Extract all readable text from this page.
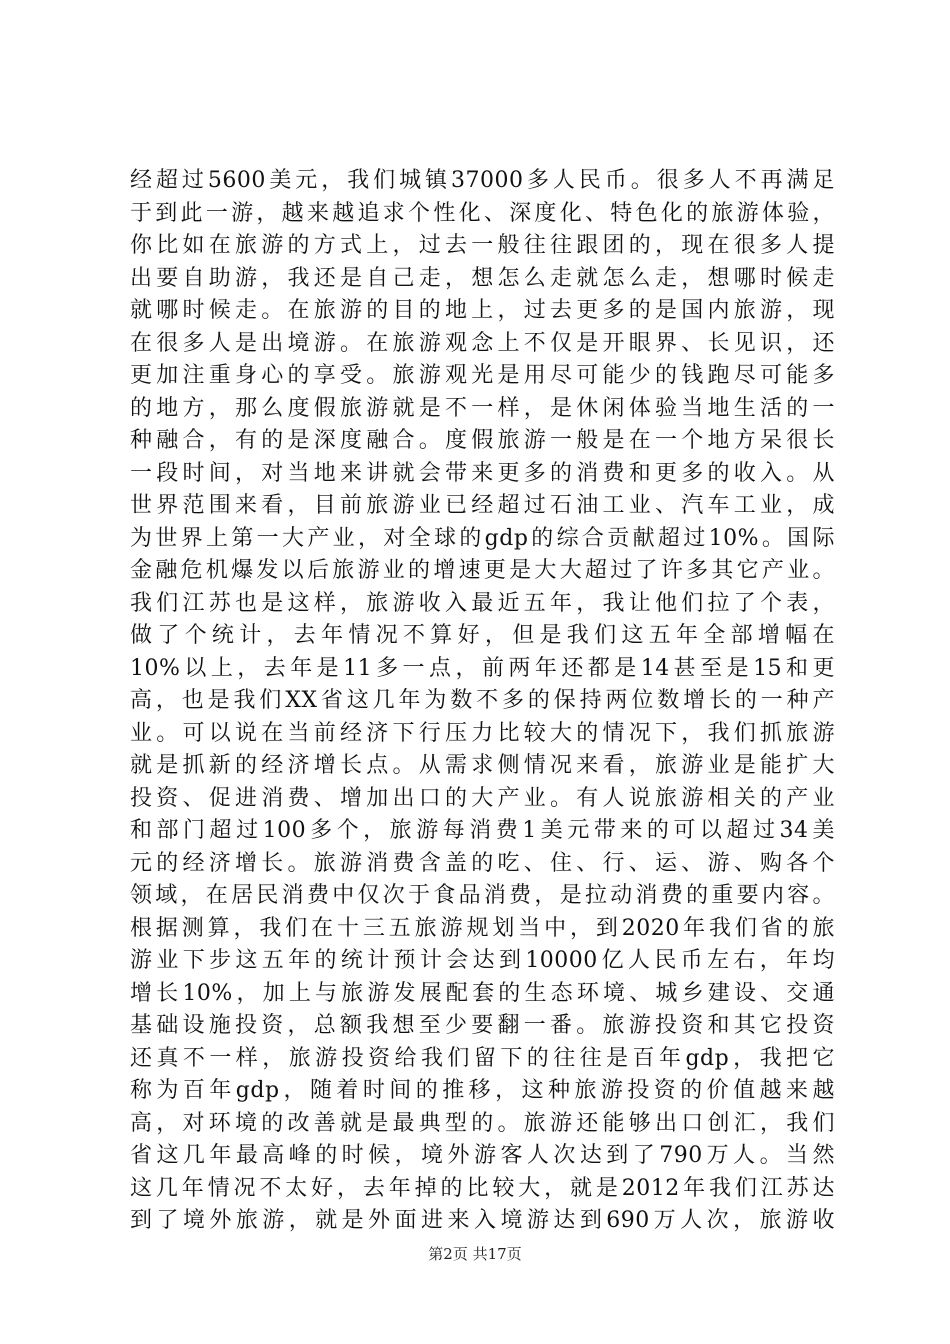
经超过5600美元，我们城镇37000多人民币。很多人不再满足
于到此一游，越来越追求个性化、深度化、特色化的旅游体验，
你比如在旅游的方式上，过去一般往往跟团的，现在很多人提
出要自助游，我还是自己走，想怎么走就怎么走，想哪时候走
就哪时候走。在旅游的目的地上，过去更多的是国内旅游，现
在很多人是出境游。在旅游观念上不仅是开眼界、长见识，还
更加注重身心的享受。旅游观光是用尽可能少的钱跑尽可能多
的地方，那么度假旅游就是不一样，是休闲体验当地生活的一
种融合，有的是深度融合。度假旅游一般是在一个地方呆很长
一段时间，对当地来讲就会带来更多的消费和更多的收入。从
世界范围来看，目前旅游业已经超过石油工业、汽车工业，成
为世界上第一大产业，对全球的gdp的综合贡献超过10%。国际
金融危机爆发以后旅游业的增速更是大大超过了许多其它产业。
我们江苏也是这样，旅游收入最近五年，我让他们拉了个表，
做了个统计，去年情况不算好，但是我们这五年全部增幅在
10%以上，去年是11多一点，前两年还都是14甚至是15和更
高，也是我们XX省这几年为数不多的保持两位数增长的一种产
业。可以说在当前经济下行压力比较大的情况下，我们抓旅游
就是抓新的经济增长点。从需求侧情况来看，旅游业是能扩大
投资、促进消费、增加出口的大产业。有人说旅游相关的产业
和部门超过100多个，旅游每消费1美元带来的可以超过34美
元的经济增长。旅游消费含盖的吃、住、行、运、游、购各个
领域，在居民消费中仅次于食品消费，是拉动消费的重要内容。
根据测算，我们在十三五旅游规划当中，到2020年我们省的旅
游业下步这五年的统计预计会达到10000亿人民币左右，年均
增长10%，加上与旅游发展配套的生态环境、城乡建设、交通
基础设施投资，总额我想至少要翻一番。旅游投资和其它投资
还真不一样，旅游投资给我们留下的往往是百年gdp，我把它
称为百年gdp，随着时间的推移，这种旅游投资的价值越来越
高，对环境的改善就是最典型的。旅游还能够出口创汇，我们
省这几年最高峰的时候，境外游客人次达到了790万人。当然
这几年情况不太好，去年掉的比较大，就是2012年我们江苏达
到了境外旅游，就是外面进来入境游达到690万人次，旅游收
第2页 共17页
